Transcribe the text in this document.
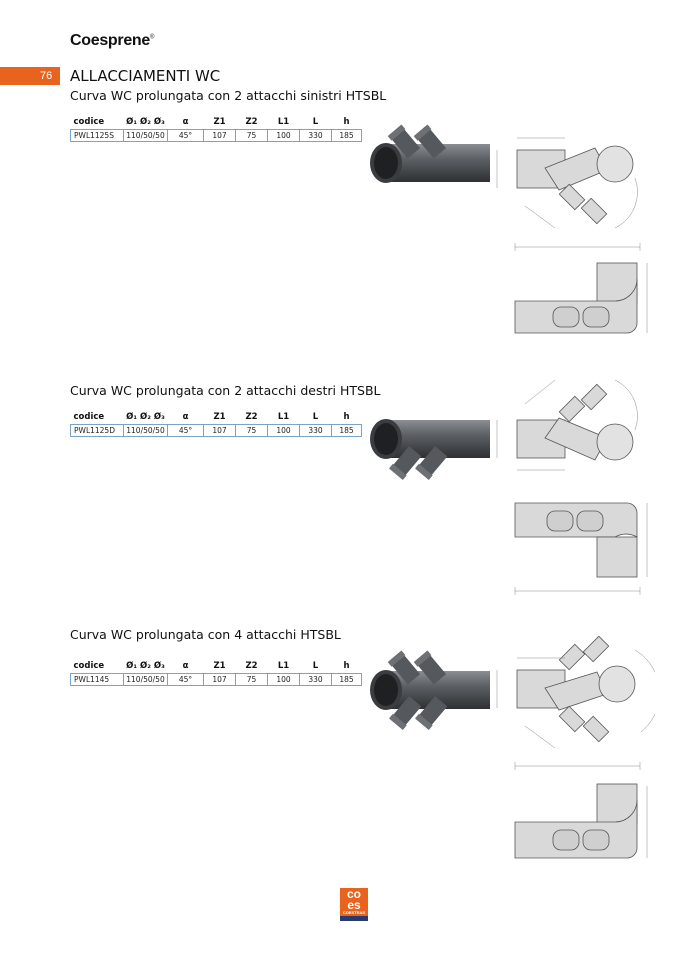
Coesprene®
76 ALLACCIAMENTI WC
Curva WC prolungata con 2 attacchi sinistri HTSBL
codice	Ø₁ Ø₂ Ø₃	α	Z1	Z2	L1	L	h
PWL1125S	110/50/50	45°	107	75	100	330	185
Curva WC prolungata con 2 attacchi destri HTSBL
codice	Ø₁ Ø₂ Ø₃	α	Z1	Z2	L1	L	h
PWL1125D	110/50/50	45°	107	75	100	330	185
Curva WC prolungata con 4 attacchi HTSBL
codice	Ø₁ Ø₂ Ø₃	α	Z1	Z2	L1	L	h
PWL1145	110/50/50	45°	107	75	100	330	185
co
es
COESTRAS
